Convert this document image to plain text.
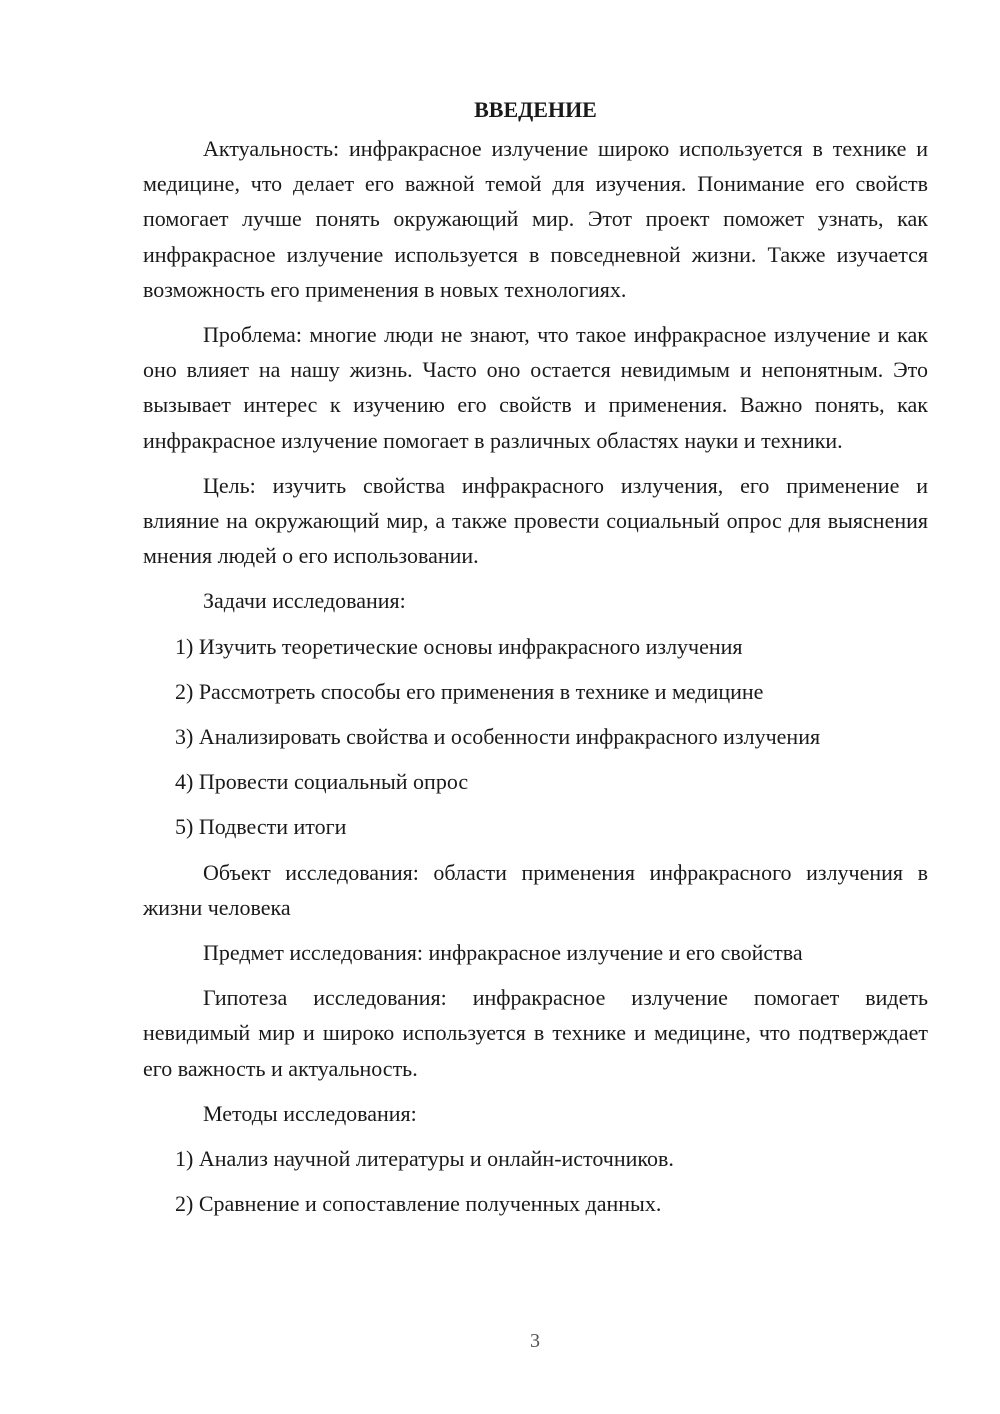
ВВЕДЕНИЕ

Актуальность: инфракрасное излучение широко используется в технике и медицине, что делает его важной темой для изучения. Понимание его свойств помогает лучше понять окружающий мир. Этот проект поможет узнать, как инфракрасное излучение используется в повседневной жизни. Также изучается возможность его применения в новых технологиях.

Проблема: многие люди не знают, что такое инфракрасное излучение и как оно влияет на нашу жизнь. Часто оно остается невидимым и непонятным. Это вызывает интерес к изучению его свойств и применения. Важно понять, как инфракрасное излучение помогает в различных областях науки и техники.

Цель: изучить свойства инфракрасного излучения, его применение и влияние на окружающий мир, а также провести социальный опрос для выяснения мнения людей о его использовании.

Задачи исследования:

1) Изучить теоретические основы инфракрасного излучения
2) Рассмотреть способы его применения в технике и медицине
3) Анализировать свойства и особенности инфракрасного излучения
4) Провести социальный опрос
5) Подвести итоги

Объект исследования: области применения инфракрасного излучения в жизни человека

Предмет исследования: инфракрасное излучение и его свойства

Гипотеза исследования: инфракрасное излучение помогает видеть невидимый мир и широко используется в технике и медицине, что подтверждает его важность и актуальность.

Методы исследования:

1) Анализ научной литературы и онлайн-источников.
2) Сравнение и сопоставление полученных данных.
3
